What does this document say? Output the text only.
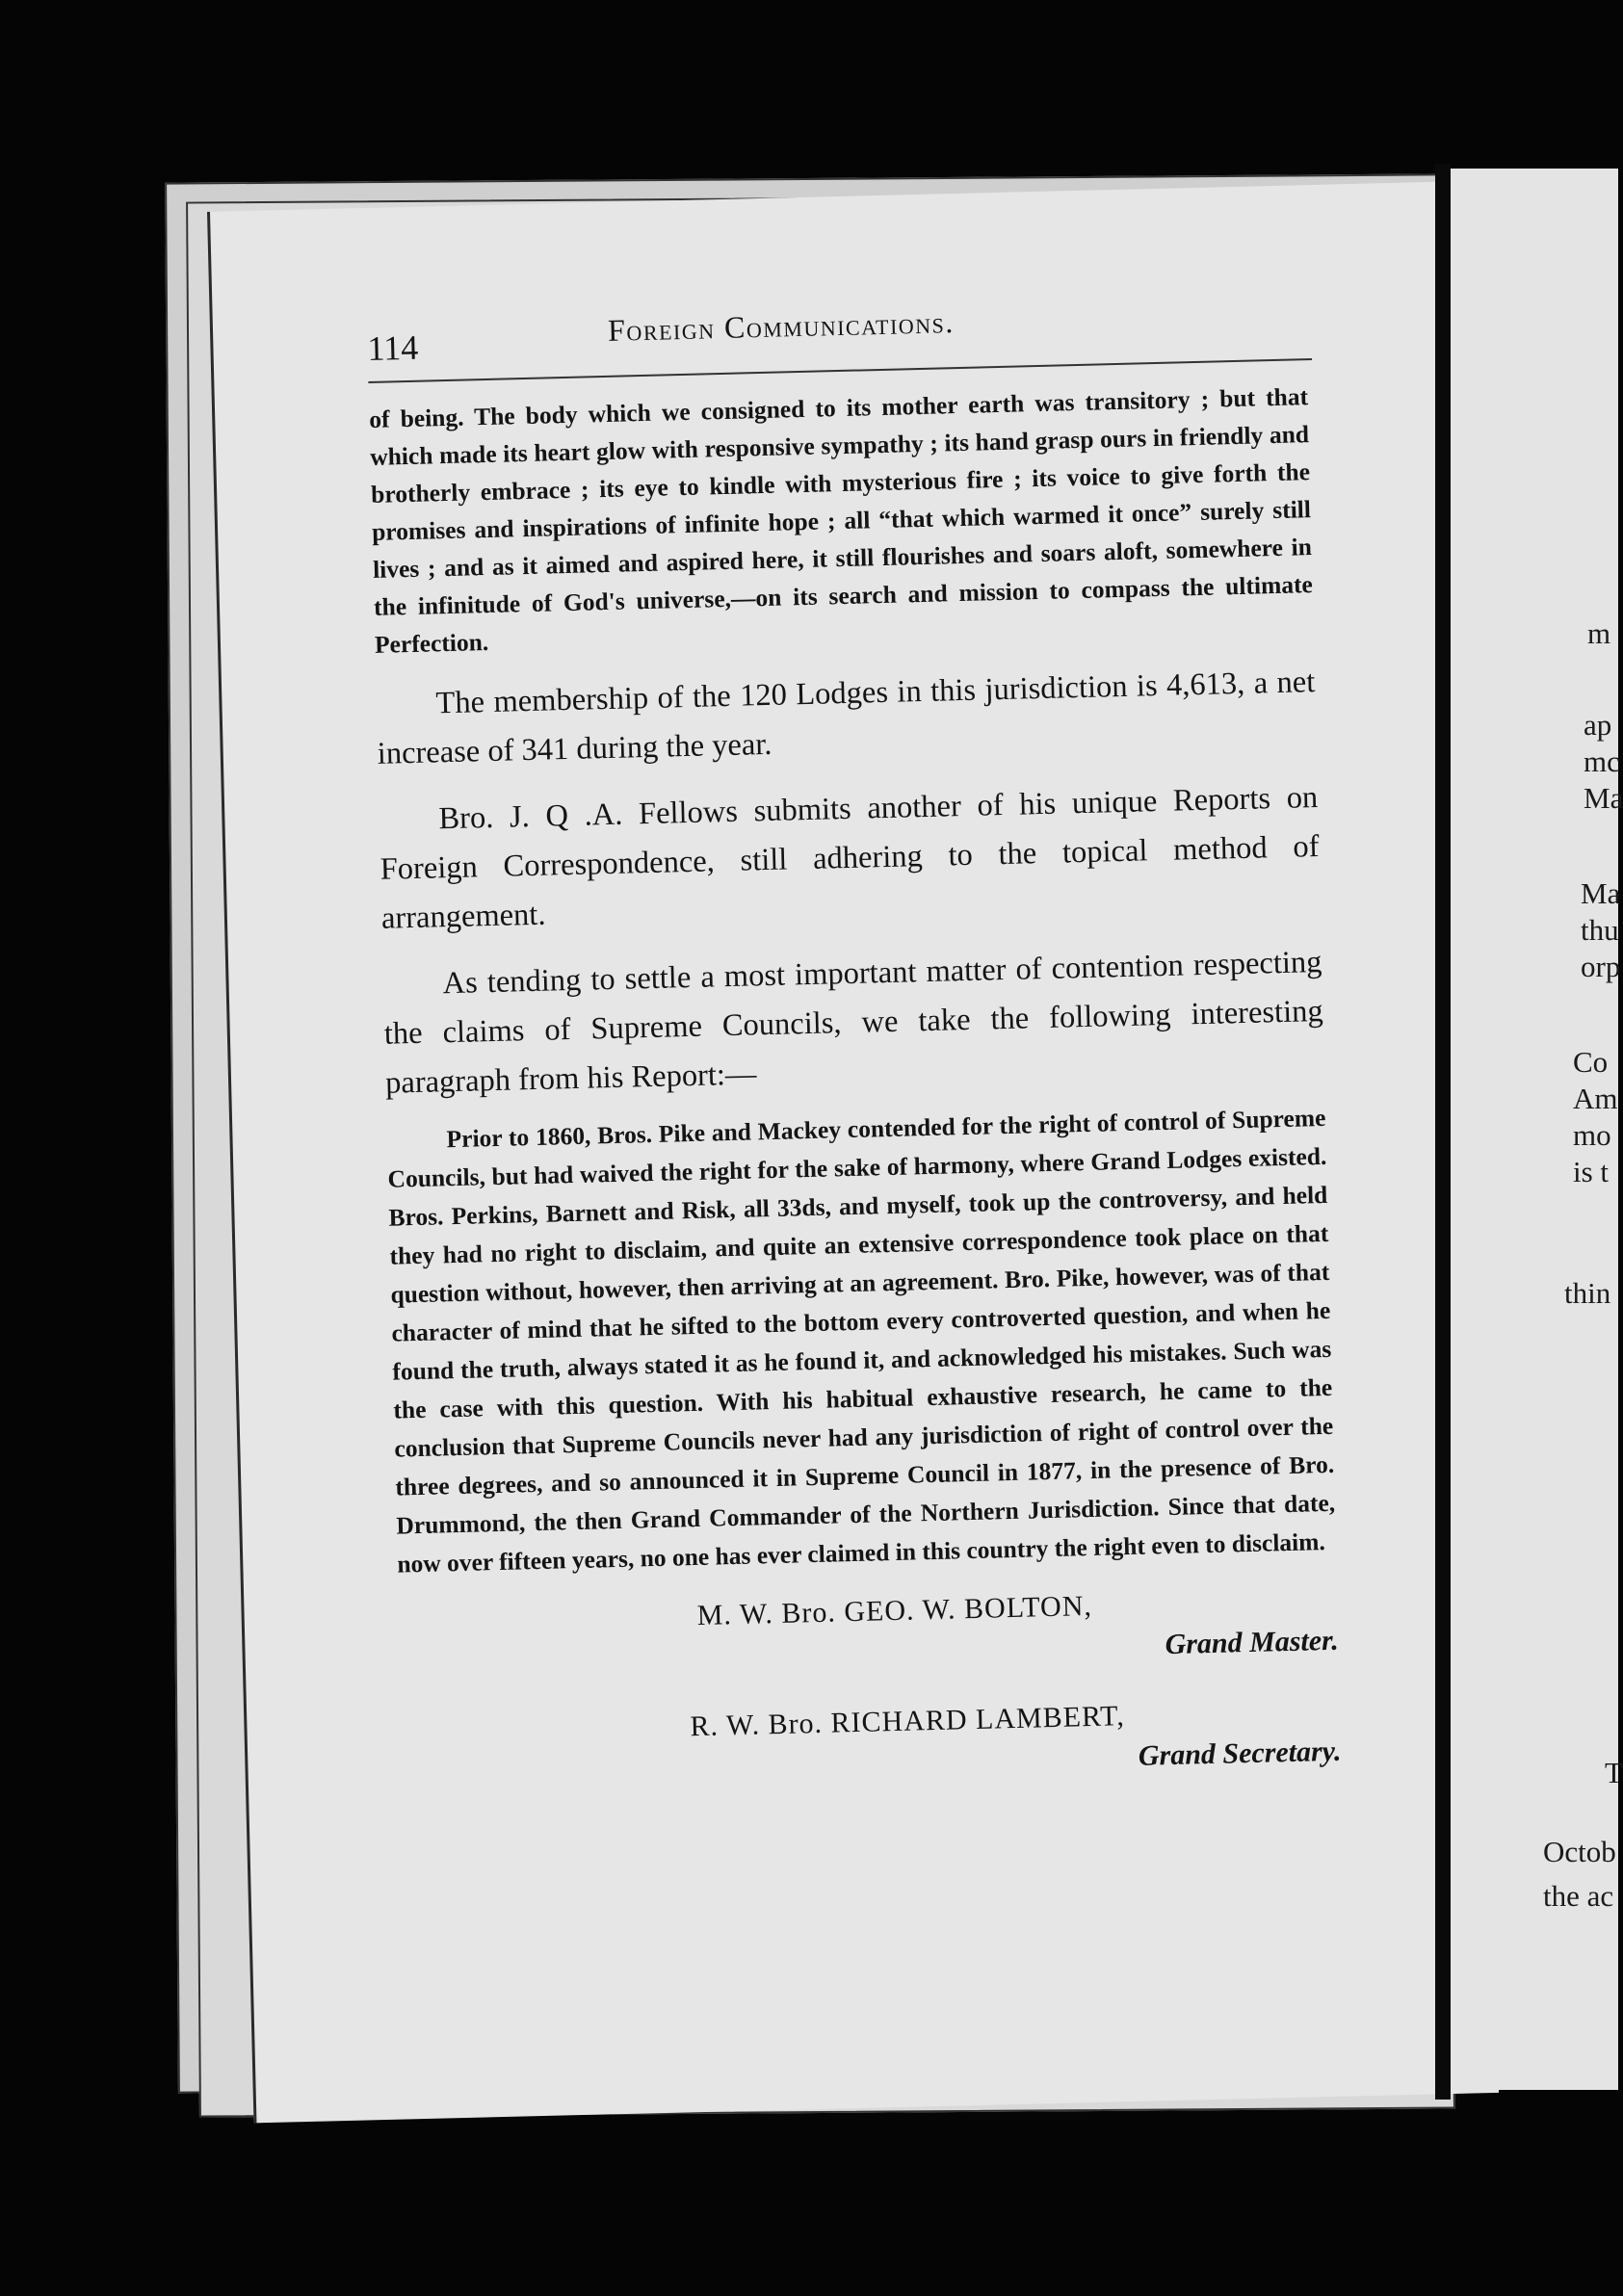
114
Foreign Communications.

of being. The body which we consigned to its mother earth was transitory ; but that which made its heart glow with responsive sympathy ; its hand grasp ours in friendly and brotherly embrace ; its eye to kindle with mysterious fire ; its voice to give forth the promises and inspirations of infinite hope ; all “that which warmed it once” surely still lives ; and as it aimed and aspired here, it still flourishes and soars aloft, somewhere in the infinitude of God's universe,—on its search and mission to compass the ultimate Perfection.

The membership of the 120 Lodges in this jurisdiction is 4,613, a net increase of 341 during the year.

Bro. J. Q .A. Fellows submits another of his unique Reports on Foreign Correspondence, still adhering to the topical method of arrangement.

As tending to settle a most important matter of contention respecting the claims of Supreme Councils, we take the following interesting paragraph from his Report:—

Prior to 1860, Bros. Pike and Mackey contended for the right of control of Supreme Councils, but had waived the right for the sake of harmony, where Grand Lodges existed. Bros. Perkins, Barnett and Risk, all 33ds, and myself, took up the controversy, and held they had no right to disclaim, and quite an extensive correspondence took place on that question without, however, then arriving at an agreement. Bro. Pike, however, was of that character of mind that he sifted to the bottom every controverted question, and when he found the truth, always stated it as he found it, and acknowledged his mistakes. Such was the case with this question. With his habitual exhaustive research, he came to the conclusion that Supreme Councils never had any jurisdiction of right of control over the three degrees, and so announced it in Supreme Council in 1877, in the presence of Bro. Drummond, the then Grand Commander of the Northern Jurisdiction. Since that date, now over fifteen years, no one has ever claimed in this country the right even to disclaim.

M. W. Bro. GEO. W. BOLTON,
Grand Master.
R. W. Bro. RICHARD LAMBERT,
Grand Secretary.
m
ap
mc
Ma
Ma
thu
orp
Co
Am
mo
is t
thin
T
Octob
the ac
